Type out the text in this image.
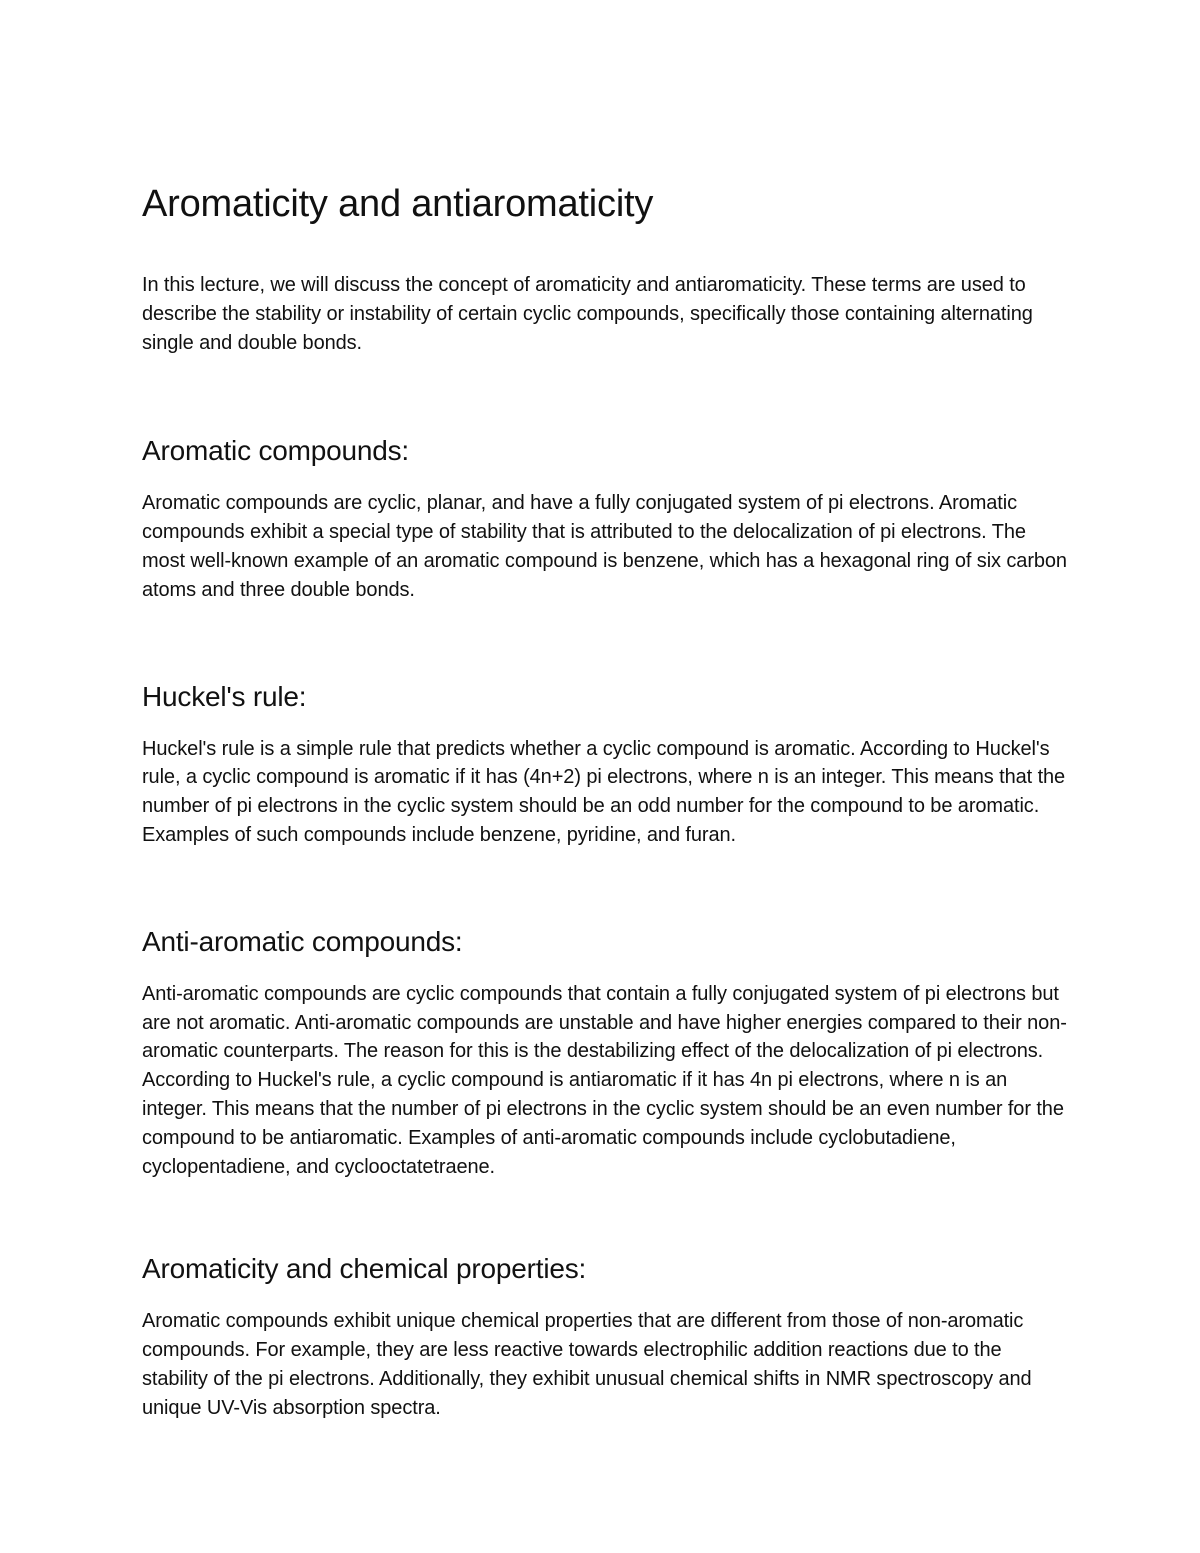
Aromaticity and antiaromaticity

In this lecture, we will discuss the concept of aromaticity and antiaromaticity. These terms are used to describe the stability or instability of certain cyclic compounds, specifically those containing alternating single and double bonds.

Aromatic compounds:

Aromatic compounds are cyclic, planar, and have a fully conjugated system of pi electrons. Aromatic compounds exhibit a special type of stability that is attributed to the delocalization of pi electrons. The most well-known example of an aromatic compound is benzene, which has a hexagonal ring of six carbon atoms and three double bonds.

Huckel's rule:

Huckel's rule is a simple rule that predicts whether a cyclic compound is aromatic. According to Huckel's rule, a cyclic compound is aromatic if it has (4n+2) pi electrons, where n is an integer. This means that the number of pi electrons in the cyclic system should be an odd number for the compound to be aromatic. Examples of such compounds include benzene, pyridine, and furan.

Anti-aromatic compounds:

Anti-aromatic compounds are cyclic compounds that contain a fully conjugated system of pi electrons but are not aromatic. Anti-aromatic compounds are unstable and have higher energies compared to their non-aromatic counterparts. The reason for this is the destabilizing effect of the delocalization of pi electrons. According to Huckel's rule, a cyclic compound is antiaromatic if it has 4n pi electrons, where n is an integer. This means that the number of pi electrons in the cyclic system should be an even number for the compound to be antiaromatic. Examples of anti-aromatic compounds include cyclobutadiene, cyclopentadiene, and cyclooctatetraene.

Aromaticity and chemical properties:

Aromatic compounds exhibit unique chemical properties that are different from those of non-aromatic compounds. For example, they are less reactive towards electrophilic addition reactions due to the stability of the pi electrons. Additionally, they exhibit unusual chemical shifts in NMR spectroscopy and unique UV-Vis absorption spectra.
